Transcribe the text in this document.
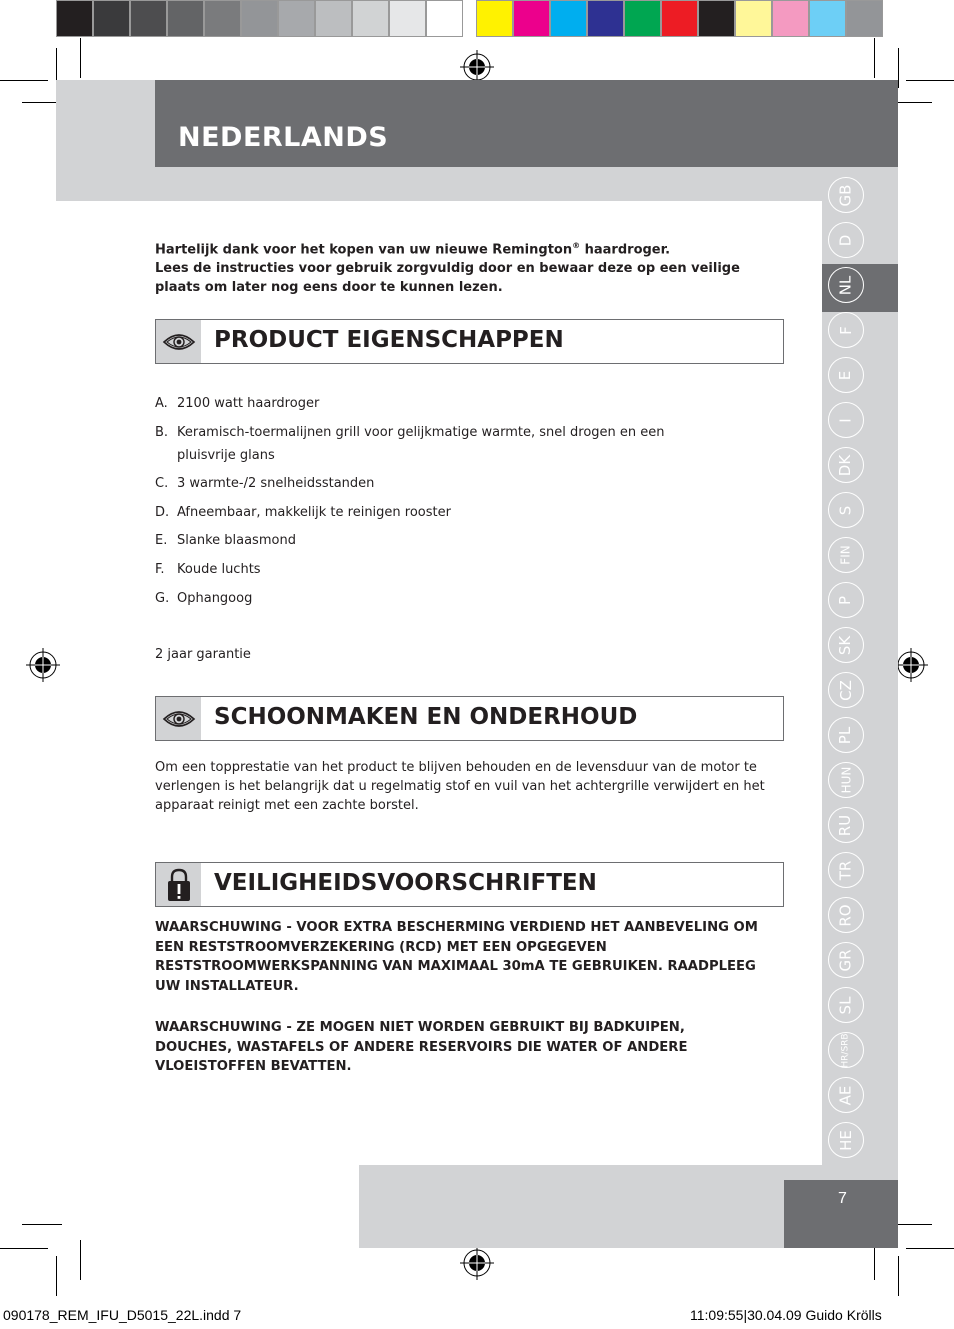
NEDERLANDS
GB
D
NL
F
E
I
DK
S
FIN
P
SK
CZ
PL
HUN
RU
TR
RO
GR
SL
HR/SRB
AE
HE
Hartelijk dank voor het kopen van uw nieuwe Remington® haardroger.
Lees de instructies voor gebruik zorgvuldig door en bewaar deze op een veilige plaats om later nog eens door te kunnen lezen.
PRODUCT EIGENSCHAPPEN
A. 2100 watt haardroger
B. Keramisch-toermalijnen grill voor gelijkmatige warmte, snel drogen en een pluisvrije glans
C. 3 warmte-/2 snelheidsstanden
D. Afneembaar, makkelijk te reinigen rooster
E. Slanke blaasmond
F. Koude luchts
G. Ophangoog
2 jaar garantie
SCHOONMAKEN EN ONDERHOUD
Om een topprestatie van het product te blijven behouden en de levensduur van de motor te verlengen is het belangrijk dat u regelmatig stof en vuil van het achtergrille verwijdert en het apparaat reinigt met een zachte borstel.
VEILIGHEIDSVOORSCHRIFTEN
WAARSCHUWING - VOOR EXTRA BESCHERMING VERDIEND HET AANBEVELING OM EEN RESTSTROOMVERZEKERING (RCD) MET EEN OPGEGEVEN RESTSTROOMWERKSPANNING VAN MAXIMAAL 30mA TE GEBRUIKEN. RAADPLEEG UW INSTALLATEUR.
WAARSCHUWING - ZE MOGEN NIET WORDEN GEBRUIKT BIJ BADKUIPEN, DOUCHES, WASTAFELS OF ANDERE RESERVOIRS DIE WATER OF ANDERE VLOEISTOFFEN BEVATTEN.
7
090178_REM_IFU_D5015_22L.indd 7	11:09:55|30.04.09 Guido Krölls
